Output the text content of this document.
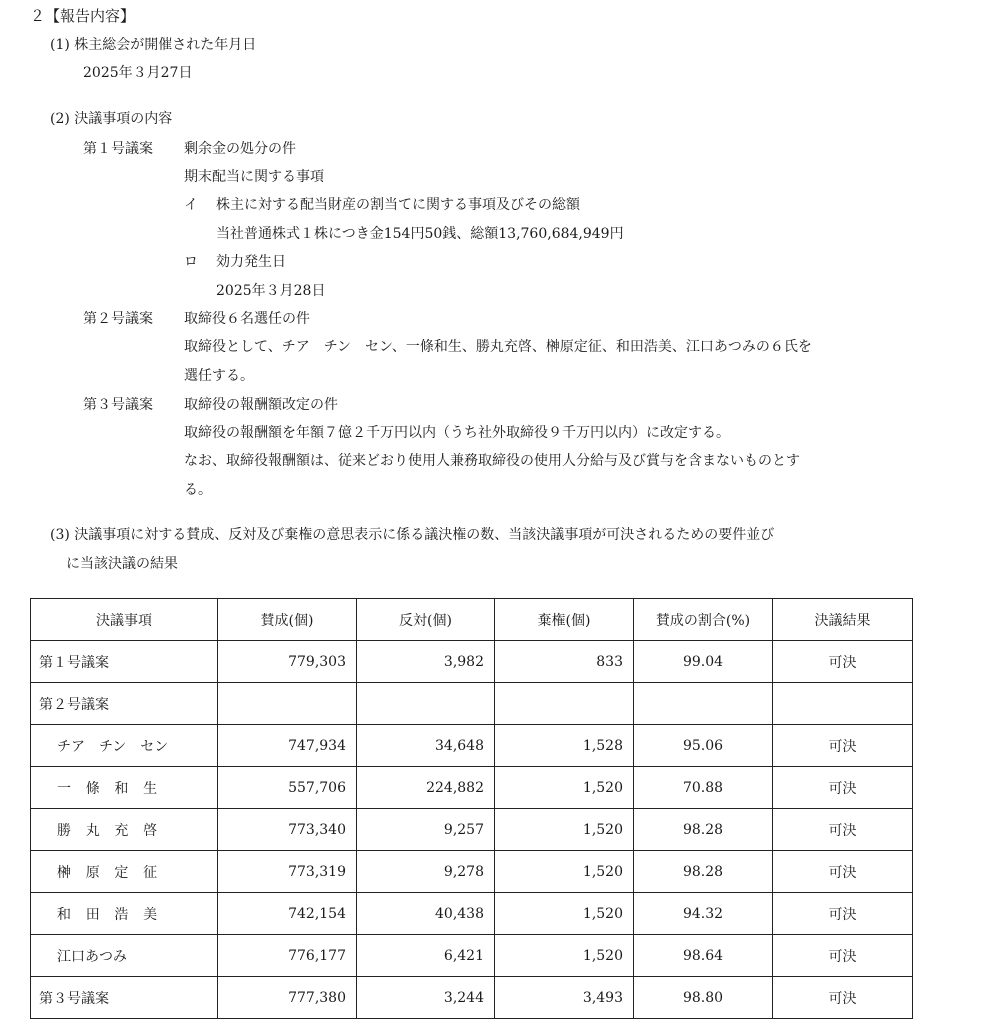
２【報告内容】
(1) 株主総会が開催された年月日
2025年３月27日
(2) 決議事項の内容
第１号議案 剰余金の処分の件
期末配当に関する事項
イ 株主に対する配当財産の割当てに関する事項及びその総額
当社普通株式１株につき金154円50銭、総額13,760,684,949円
ロ 効力発生日
2025年３月28日
第２号議案 取締役６名選任の件
取締役として、チア　チン　セン、一條和生、勝丸充啓、榊原定征、和田浩美、江口あつみの６氏を
選任する。
第３号議案 取締役の報酬額改定の件
取締役の報酬額を年額７億２千万円以内（うち社外取締役９千万円以内）に改定する。
なお、取締役報酬額は、従来どおり使用人兼務取締役の使用人分給与及び賞与を含まないものとす
る。
(3) 決議事項に対する賛成、反対及び棄権の意思表示に係る議決権の数、当該決議事項が可決されるための要件並び
に当該決議の結果
決議事項	賛成(個)	反対(個)	棄権(個)	賛成の割合(%)	決議結果
第１号議案	779,303	3,982	833	99.04	可決
第２号議案					
チア　チン　セン	747,934	34,648	1,528	95.06	可決
一條和生	557,706	224,882	1,520	70.88	可決
勝丸充啓	773,340	9,257	1,520	98.28	可決
榊原定征	773,319	9,278	1,520	98.28	可決
和田浩美	742,154	40,438	1,520	94.32	可決
江口あつみ	776,177	6,421	1,520	98.64	可決
第３号議案	777,380	3,244	3,493	98.80	可決
